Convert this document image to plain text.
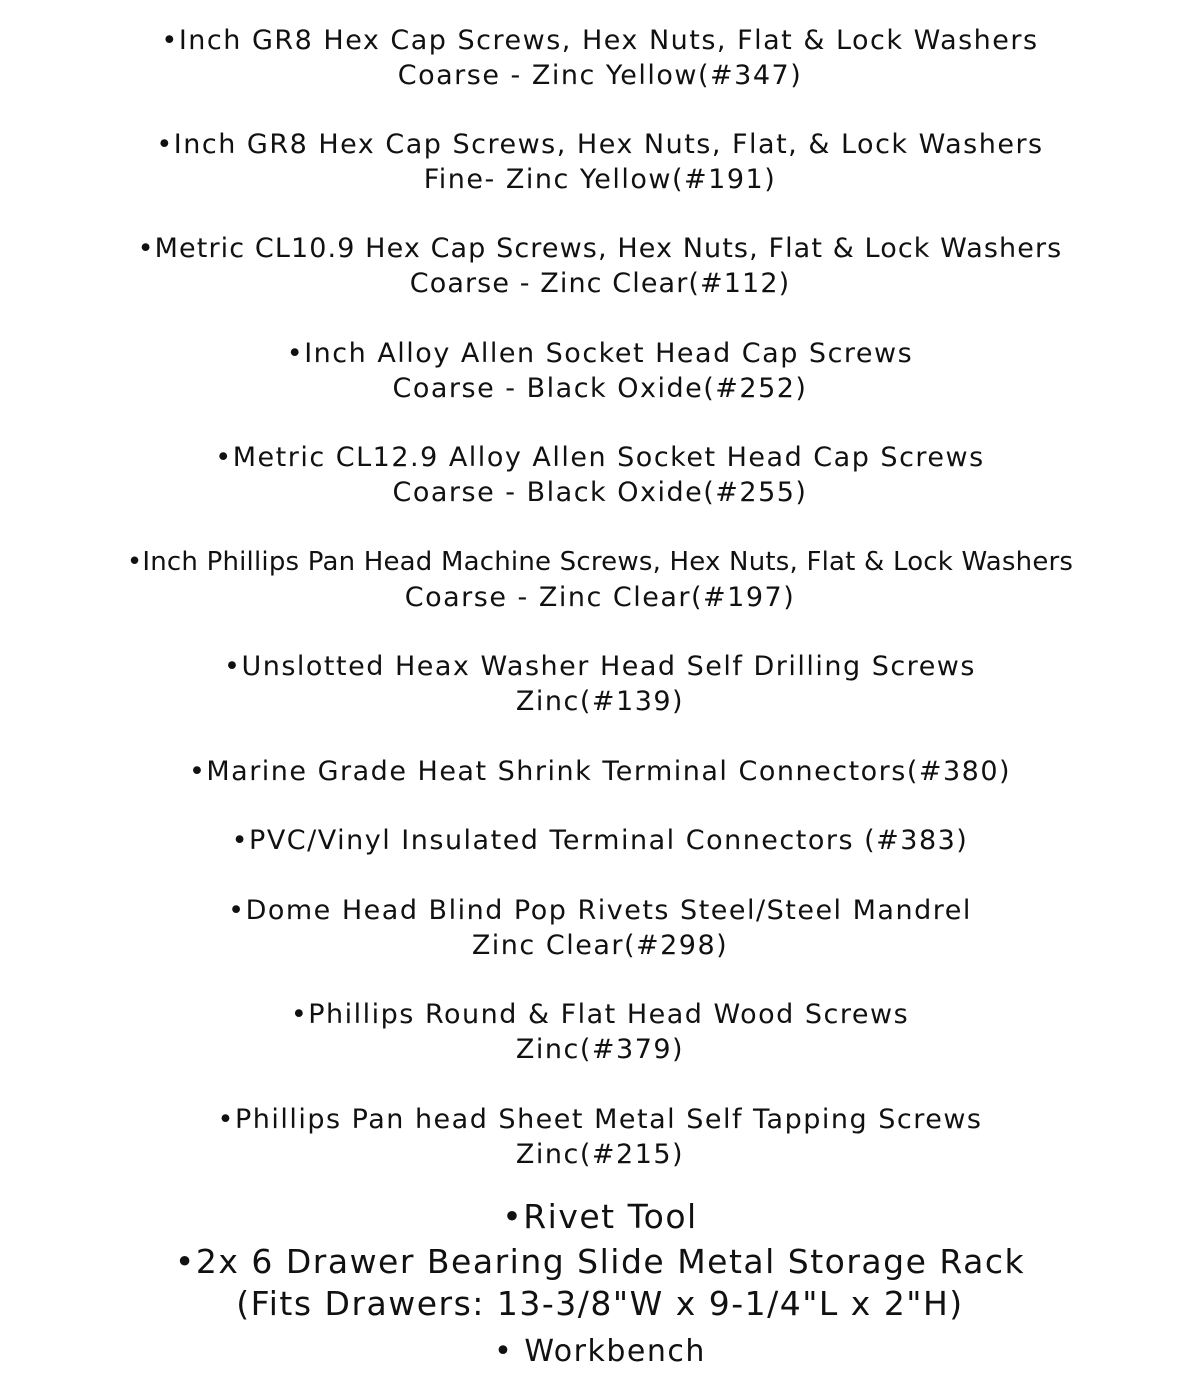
•Inch GR8 Hex Cap Screws, Hex Nuts, Flat & Lock Washers
Coarse - Zinc Yellow(#347)

•Inch GR8 Hex Cap Screws, Hex Nuts, Flat, & Lock Washers
Fine- Zinc Yellow(#191)

•Metric CL10.9 Hex Cap Screws, Hex Nuts, Flat & Lock Washers
Coarse - Zinc Clear(#112)

•Inch Alloy Allen Socket Head Cap Screws
Coarse - Black Oxide(#252)

•Metric CL12.9 Alloy Allen Socket Head Cap Screws
Coarse - Black Oxide(#255)

•Inch Phillips Pan Head Machine Screws, Hex Nuts, Flat & Lock Washers
Coarse - Zinc Clear(#197)

•Unslotted Heax Washer Head Self Drilling Screws
Zinc(#139)

•Marine Grade Heat Shrink Terminal Connectors(#380)

•PVC/Vinyl Insulated Terminal Connectors (#383)

•Dome Head Blind Pop Rivets Steel/Steel Mandrel
Zinc Clear(#298)

•Phillips Round & Flat Head Wood Screws
Zinc(#379)

•Phillips Pan head Sheet Metal Self Tapping Screws
Zinc(#215)

•Rivet Tool

•2x 6 Drawer Bearing Slide Metal Storage Rack
(Fits Drawers: 13-3/8"W x 9-1/4"L x 2"H)

• Workbench
